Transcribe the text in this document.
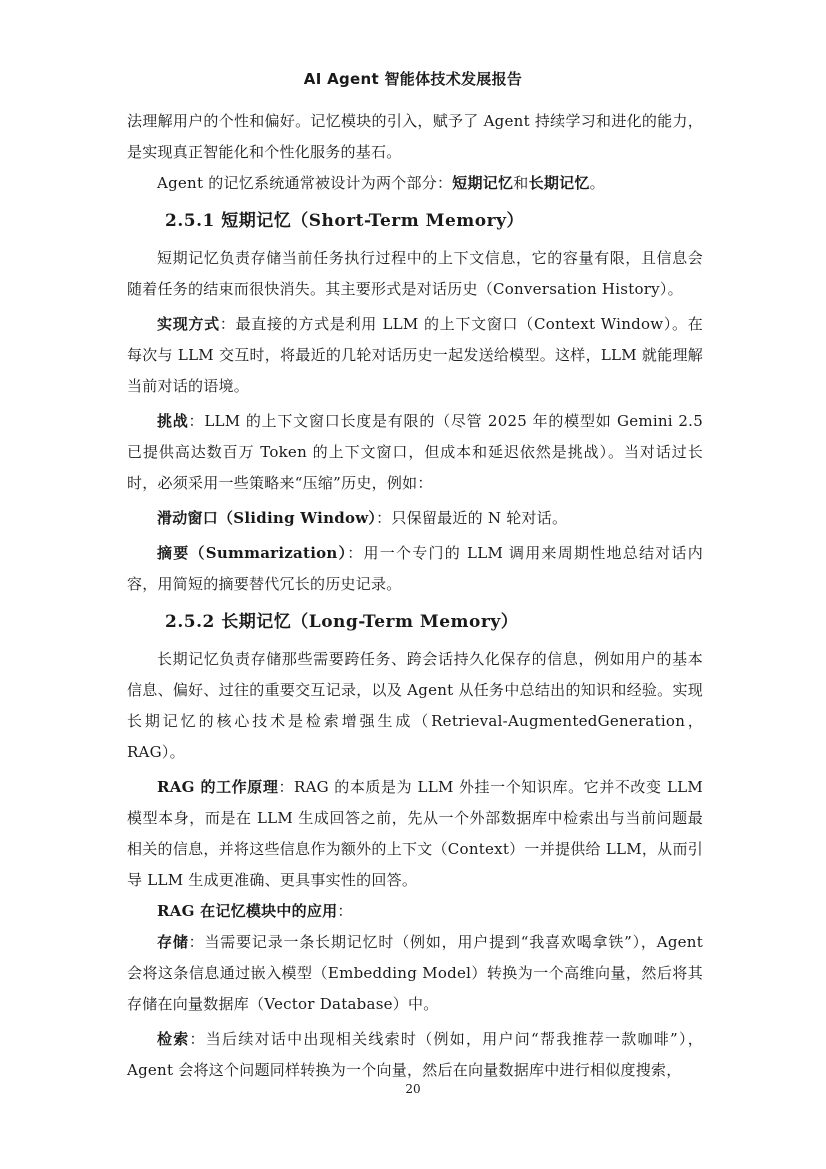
AI Agent 智能体技术发展报告

法理解用户的个性和偏好。记忆模块的引入，赋予了 Agent 持续学习和进化的能力，是实现真正智能化和个性化服务的基石。

Agent 的记忆系统通常被设计为两个部分：短期记忆和长期记忆。

2.5.1 短期记忆（Short-Term Memory）

短期记忆负责存储当前任务执行过程中的上下文信息，它的容量有限，且信息会随着任务的结束而很快消失。其主要形式是对话历史（Conversation History）。

实现方式：最直接的方式是利用 LLM 的上下文窗口（Context Window）。在每次与 LLM 交互时，将最近的几轮对话历史一起发送给模型。这样，LLM 就能理解当前对话的语境。

挑战：LLM 的上下文窗口长度是有限的（尽管 2025 年的模型如 Gemini 2.5 已提供高达数百万 Token 的上下文窗口，但成本和延迟依然是挑战）。当对话过长时，必须采用一些策略来“压缩”历史，例如：

滑动窗口（Sliding Window）：只保留最近的 N 轮对话。

摘要（Summarization）：用一个专门的 LLM 调用来周期性地总结对话内容，用简短的摘要替代冗长的历史记录。

2.5.2 长期记忆（Long-Term Memory）

长期记忆负责存储那些需要跨任务、跨会话持久化保存的信息，例如用户的基本信息、偏好、过往的重要交互记录，以及 Agent 从任务中总结出的知识和经验。实现长期记忆的核心技术是检索增强生成（Retrieval-AugmentedGeneration，RAG）。

RAG 的工作原理：RAG 的本质是为 LLM 外挂一个知识库。它并不改变 LLM 模型本身，而是在 LLM 生成回答之前，先从一个外部数据库中检索出与当前问题最相关的信息，并将这些信息作为额外的上下文（Context）一并提供给 LLM，从而引导 LLM 生成更准确、更具事实性的回答。

RAG 在记忆模块中的应用：

存储：当需要记录一条长期记忆时（例如，用户提到“我喜欢喝拿铁”），Agent 会将这条信息通过嵌入模型（Embedding Model）转换为一个高维向量，然后将其存储在向量数据库（Vector Database）中。

检索：当后续对话中出现相关线索时（例如，用户问“帮我推荐一款咖啡”），Agent 会将这个问题同样转换为一个向量，然后在向量数据库中进行相似度搜索，

20
